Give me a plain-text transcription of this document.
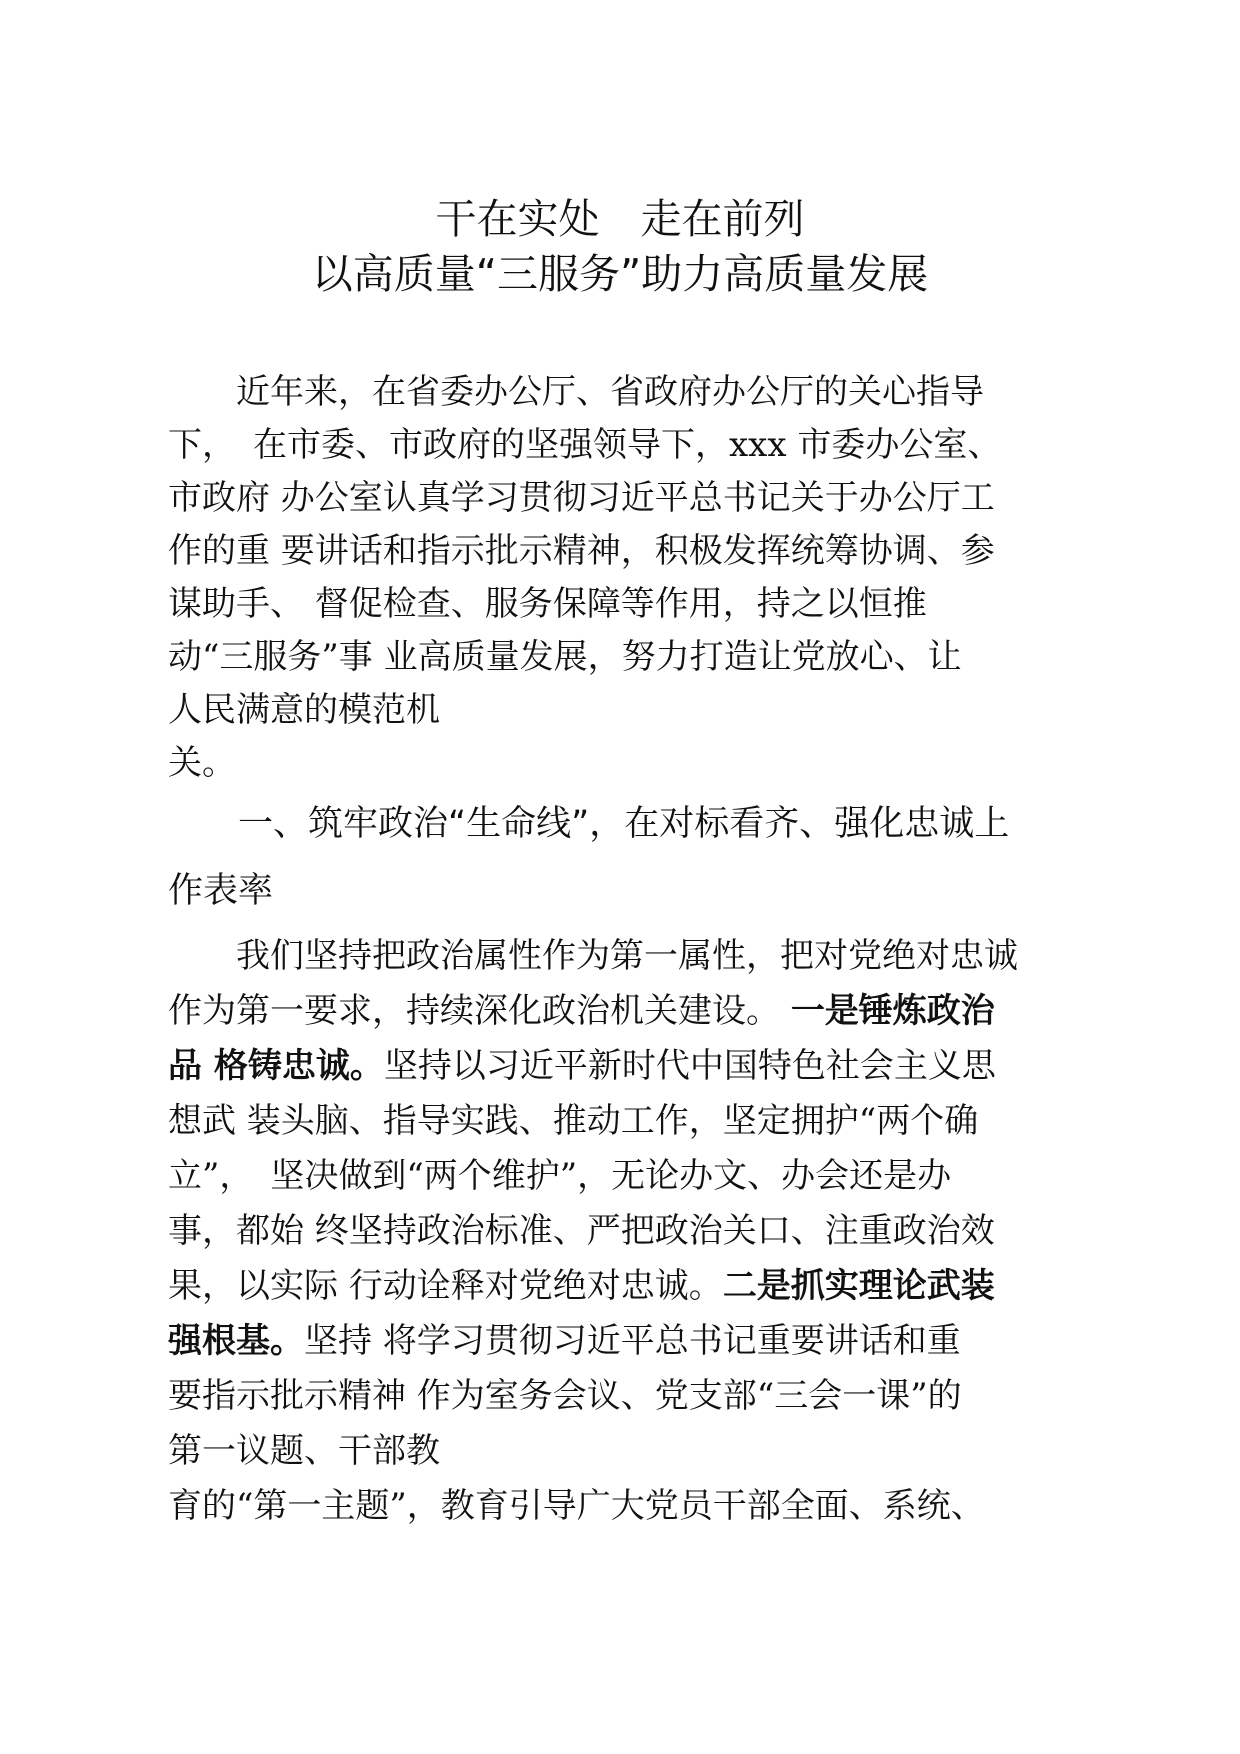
干在实处　走在前列
以高质量“三服务”助力高质量发展
　　近年来，在省委办公厅、省政府办公厅的关心指导
下，　在市委、市政府的坚强领导下，xxx 市委办公室、
市政府 办公室认真学习贯彻习近平总书记关于办公厅工
作的重 要讲话和指示批示精神，积极发挥统筹协调、参
谋助手、 督促检查、服务保障等作用，持之以恒推
动“三服务”事 业高质量发展，努力打造让党放心、让
人民满意的模范机
关。
　　一、筑牢政治“生命线”，在对标看齐、强化忠诚上
作表率
　　我们坚持把政治属性作为第一属性，把对党绝对忠诚
作为第一要求，持续深化政治机关建设。 一是锤炼政治
品 格铸忠诚。坚持以习近平新时代中国特色社会主义思
想武 装头脑、指导实践、推动工作，坚定拥护“两个确
立”，　坚决做到“两个维护”，无论办文、办会还是办
事，都始 终坚持政治标准、严把政治关口、注重政治效
果，以实际 行动诠释对党绝对忠诚。二是抓实理论武装
强根基。坚持 将学习贯彻习近平总书记重要讲话和重
要指示批示精神 作为室务会议、党支部“三会一课”的
第一议题、干部教
育的“第一主题”，教育引导广大党员干部全面、系统、
